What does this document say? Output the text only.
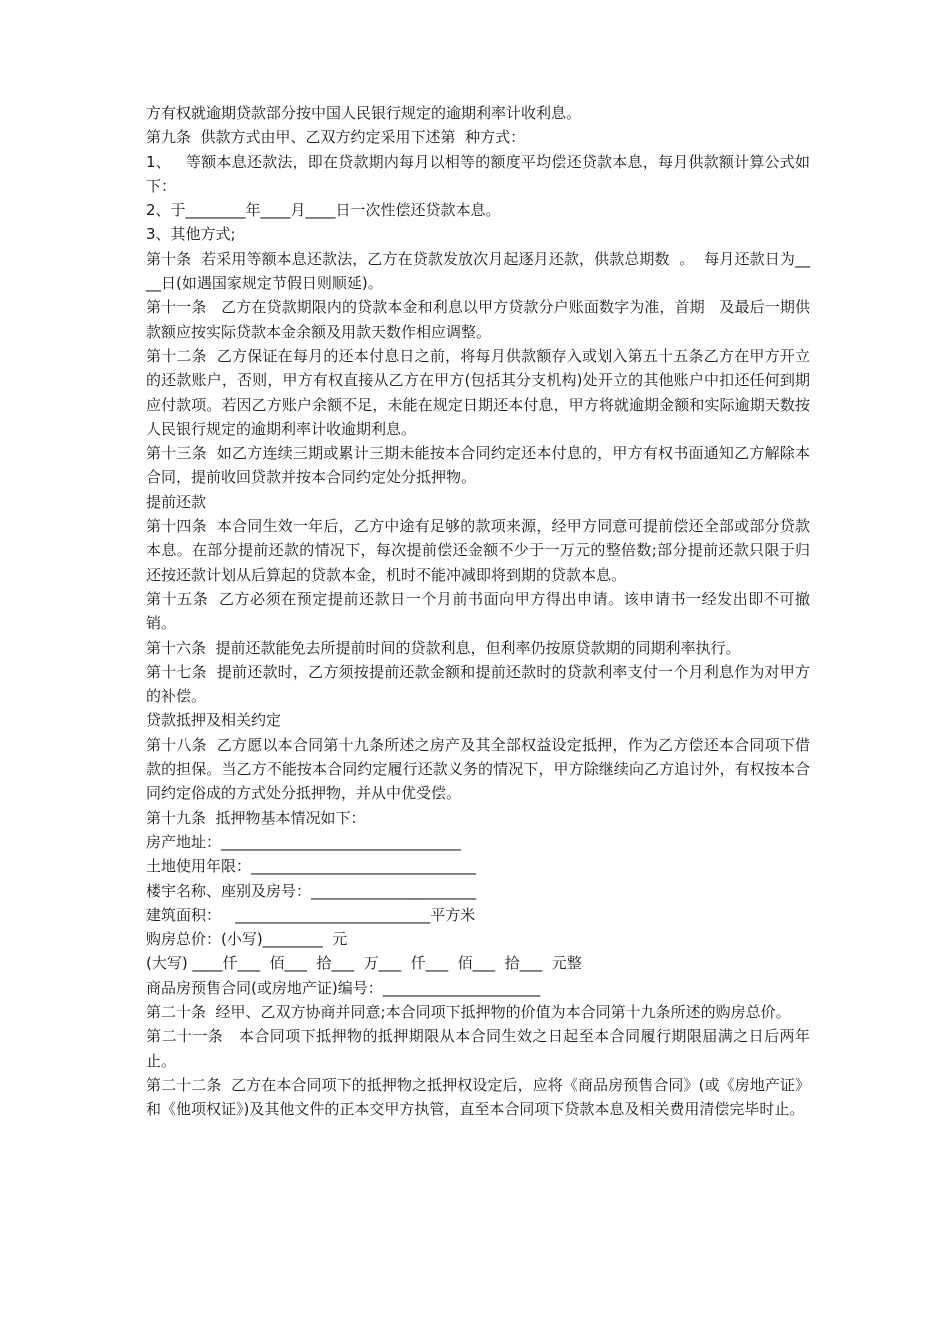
方有权就逾期贷款部分按中国人民银行规定的逾期利率计收利息。

第九条  供款方式由甲、乙双方约定采用下述第  种方式：

1、   等额本息还款法，即在贷款期内每月以相等的额度平均偿还贷款本息，每月供款额计算公式如下：

2、于________年____月____日一次性偿还贷款本息。

3、其他方式;

第十条  若采用等额本息还款法，乙方在贷款发放次月起逐月还款，供款总期数  。  每月还款日为____日(如遇国家规定节假日则顺延)。

第十一条   乙方在贷款期限内的贷款本金和利息以甲方贷款分户账面数字为准，首期   及最后一期供款额应按实际贷款本金余额及用款天数作相应调整。

第十二条  乙方保证在每月的还本付息日之前，将每月供款额存入或划入第五十五条乙方在甲方开立的还款账户，否则，甲方有权直接从乙方在甲方(包括其分支机构)处开立的其他账户中扣还任何到期应付款项。若因乙方账户余额不足，未能在规定日期还本付息，甲方将就逾期金额和实际逾期天数按人民银行规定的逾期利率计收逾期利息。

第十三条  如乙方连续三期或累计三期未能按本合同约定还本付息的，甲方有权书面通知乙方解除本合同，提前收回贷款并按本合同约定处分抵押物。

提前还款

第十四条  本合同生效一年后，乙方中途有足够的款项来源，经甲方同意可提前偿还全部或部分贷款本息。在部分提前还款的情况下，每次提前偿还金额不少于一万元的整倍数;部分提前还款只限于归还按还款计划从后算起的贷款本金，机时不能冲减即将到期的贷款本息。

第十五条  乙方必须在预定提前还款日一个月前书面向甲方得出申请。该申请书一经发出即不可撤销。

第十六条  提前还款能免去所提前时间的贷款利息，但利率仍按原贷款期的同期利率执行。

第十七条  提前还款时，乙方须按提前还款金额和提前还款时的贷款利率支付一个月利息作为对甲方的补偿。

贷款抵押及相关约定

第十八条  乙方愿以本合同第十九条所述之房产及其全部权益设定抵押，作为乙方偿还本合同项下借款的担保。当乙方不能按本合同约定履行还款义务的情况下，甲方除继续向乙方追讨外，有权按本合同约定俗成的方式处分抵押物，并从中优受偿。

第十九条  抵押物基本情况如下：

房产地址：________________________________

土地使用年限：______________________________

楼宇名称、座别及房号：______________________

建筑面积：   __________________________平方米

购房总价：(小写)________  元

(大写) ____仟___  佰___  拾___  万___  仟___  佰___  拾___  元整

商品房预售合同(或房地产证)编号：_____________________

第二十条  经甲、乙双方协商并同意;本合同项下抵押物的价值为本合同第十九条所述的购房总价。

第二十一条   本合同项下抵押物的抵押期限从本合同生效之日起至本合同履行期限届满之日后两年止。

第二十二条  乙方在本合同项下的抵押物之抵押权设定后，应将《商品房预售合同》(或《房地产证》和《他项权证》)及其他文件的正本交甲方执管，直至本合同项下贷款本息及相关费用清偿完毕时止。
